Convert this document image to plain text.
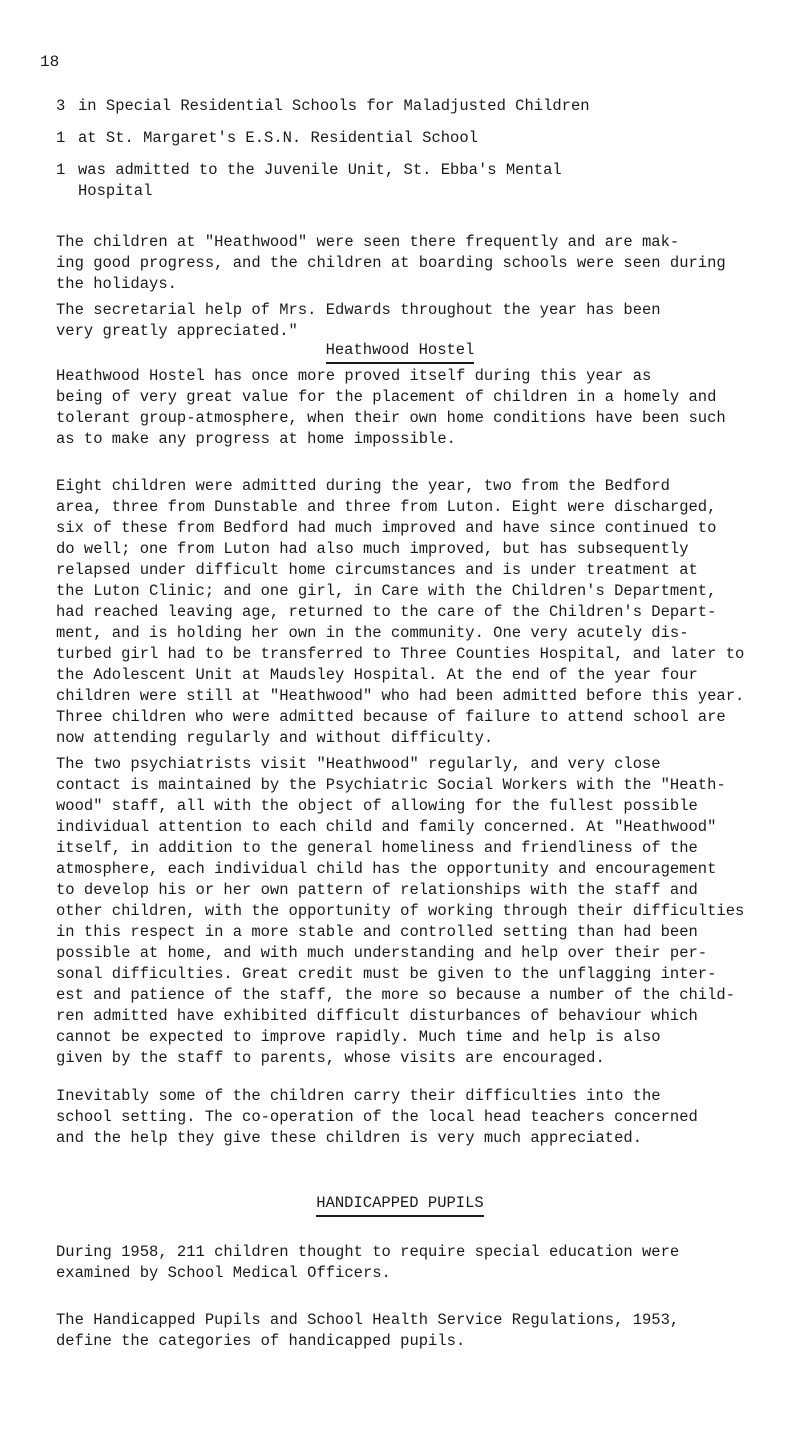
18
3 in Special Residential Schools for Maladjusted Children
1 at St. Margaret's E.S.N. Residential School
1 was admitted to the Juvenile Unit, St. Ebba's Mental
Hospital

The children at "Heathwood" were seen there frequently and are mak-
ing good progress, and the children at boarding schools were seen during
the holidays.

The secretarial help of Mrs. Edwards throughout the year has been
very greatly appreciated."

Heathwood Hostel

Heathwood Hostel has once more proved itself during this year as
being of very great value for the placement of children in a homely and
tolerant group-atmosphere, when their own home conditions have been such
as to make any progress at home impossible.

Eight children were admitted during the year, two from the Bedford
area, three from Dunstable and three from Luton. Eight were discharged,
six of these from Bedford had much improved and have since continued to
do well; one from Luton had also much improved, but has subsequently
relapsed under difficult home circumstances and is under treatment at
the Luton Clinic; and one girl, in Care with the Children's Department,
had reached leaving age, returned to the care of the Children's Depart-
ment, and is holding her own in the community. One very acutely dis-
turbed girl had to be transferred to Three Counties Hospital, and later to
the Adolescent Unit at Maudsley Hospital. At the end of the year four
children were still at "Heathwood" who had been admitted before this year.
Three children who were admitted because of failure to attend school are
now attending regularly and without difficulty.

The two psychiatrists visit "Heathwood" regularly, and very close
contact is maintained by the Psychiatric Social Workers with the "Heath-
wood" staff, all with the object of allowing for the fullest possible
individual attention to each child and family concerned. At "Heathwood"
itself, in addition to the general homeliness and friendliness of the
atmosphere, each individual child has the opportunity and encouragement
to develop his or her own pattern of relationships with the staff and
other children, with the opportunity of working through their difficulties
in this respect in a more stable and controlled setting than had been
possible at home, and with much understanding and help over their per-
sonal difficulties. Great credit must be given to the unflagging inter-
est and patience of the staff, the more so because a number of the child-
ren admitted have exhibited difficult disturbances of behaviour which
cannot be expected to improve rapidly. Much time and help is also
given by the staff to parents, whose visits are encouraged.

Inevitably some of the children carry their difficulties into the
school setting. The co-operation of the local head teachers concerned
and the help they give these children is very much appreciated.

HANDICAPPED PUPILS

During 1958, 211 children thought to require special education were
examined by School Medical Officers.

The Handicapped Pupils and School Health Service Regulations, 1953,
define the categories of handicapped pupils.
